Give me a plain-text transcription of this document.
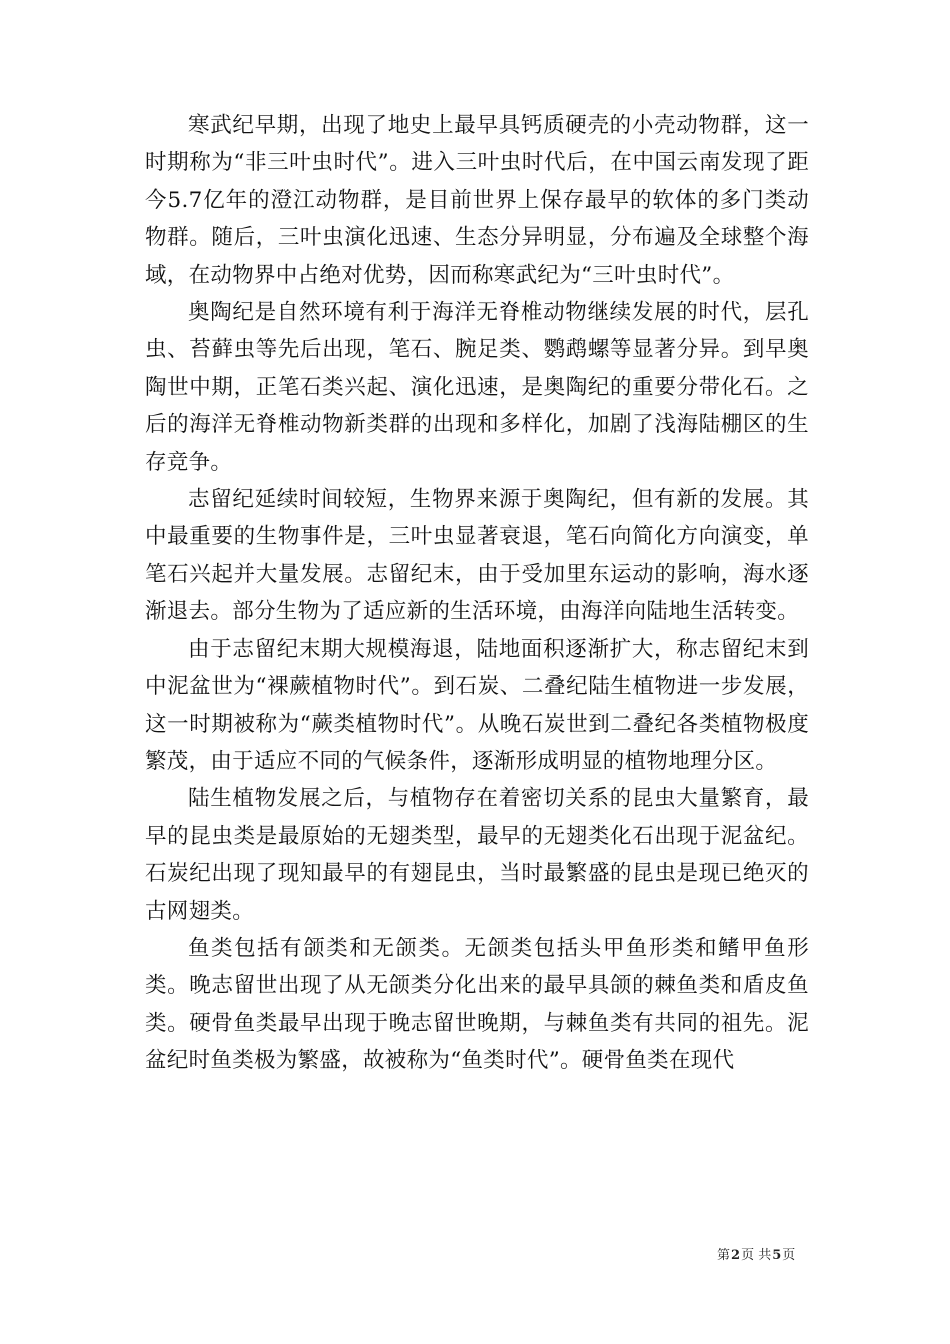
寒武纪早期，出现了地史上最早具钙质硬壳的小壳动物群，这一时期称为“非三叶虫时代”。进入三叶虫时代后，在中国云南发现了距今5.7亿年的澄江动物群，是目前世界上保存最早的软体的多门类动物群。随后，三叶虫演化迅速、生态分异明显，分布遍及全球整个海域，在动物界中占绝对优势，因而称寒武纪为“三叶虫时代”。

奥陶纪是自然环境有利于海洋无脊椎动物继续发展的时代，层孔虫、苔藓虫等先后出现，笔石、腕足类、鹦鹉螺等显著分异。到早奥陶世中期，正笔石类兴起、演化迅速，是奥陶纪的重要分带化石。之后的海洋无脊椎动物新类群的出现和多样化，加剧了浅海陆棚区的生存竞争。

志留纪延续时间较短，生物界来源于奥陶纪，但有新的发展。其中最重要的生物事件是，三叶虫显著衰退，笔石向简化方向演变，单笔石兴起并大量发展。志留纪末，由于受加里东运动的影响，海水逐渐退去。部分生物为了适应新的生活环境，由海洋向陆地生活转变。

由于志留纪末期大规模海退，陆地面积逐渐扩大，称志留纪末到中泥盆世为“裸蕨植物时代”。到石炭、二叠纪陆生植物进一步发展，这一时期被称为“蕨类植物时代”。从晚石炭世到二叠纪各类植物极度繁茂，由于适应不同的气候条件，逐渐形成明显的植物地理分区。

陆生植物发展之后，与植物存在着密切关系的昆虫大量繁育，最早的昆虫类是最原始的无翅类型，最早的无翅类化石出现于泥盆纪。石炭纪出现了现知最早的有翅昆虫，当时最繁盛的昆虫是现已绝灭的古网翅类。

鱼类包括有颌类和无颌类。无颌类包括头甲鱼形类和鳍甲鱼形类。晚志留世出现了从无颌类分化出来的最早具颌的棘鱼类和盾皮鱼类。硬骨鱼类最早出现于晚志留世晚期，与棘鱼类有共同的祖先。泥盆纪时鱼类极为繁盛，故被称为“鱼类时代”。硬骨鱼类在现代

第2页 共5页
